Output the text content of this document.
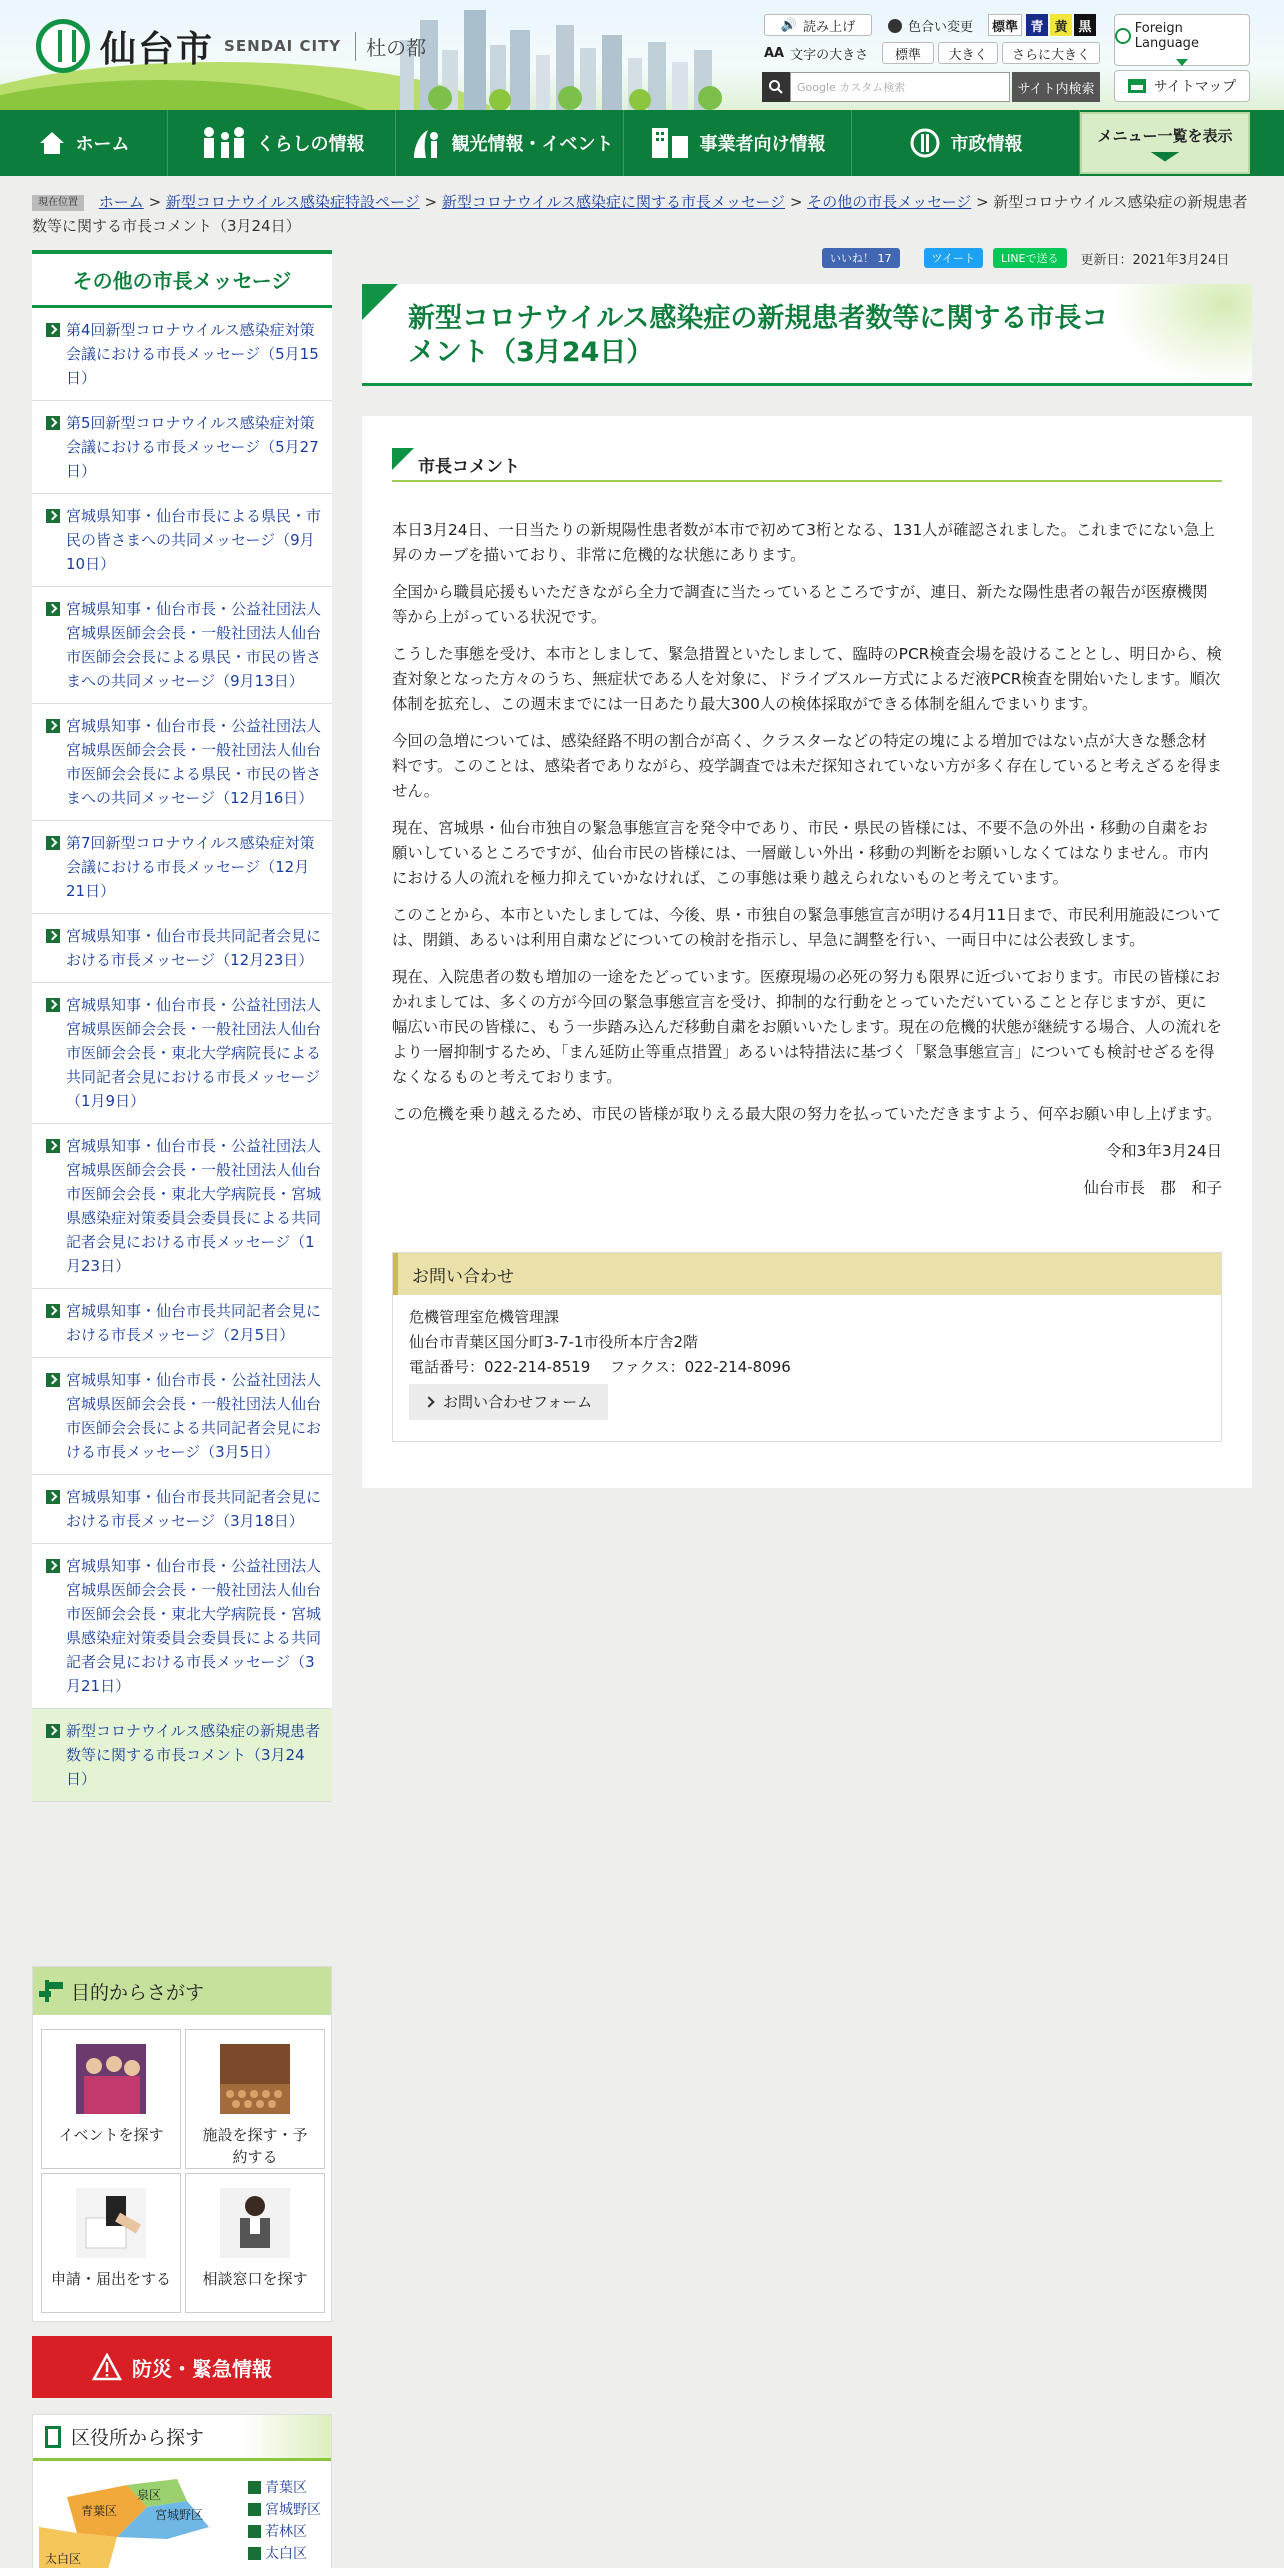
仙台市 SENDAI CITY	杜の都
🔊 読み上げ	色合い変更	標準 青 黄 黒
AA 文字の大きさ	標準	大きく	さらに大きく
Google カスタム検索	サイト内検索
Foreign Language
サイトマップ
ホーム	くらしの情報	観光情報・イベント	事業者向け情報	市政情報	メニュー一覧を表示
現在位置 ホーム > 新型コロナウイルス感染症特設ページ > 新型コロナウイルス感染症に関する市長メッセージ > その他の市長メッセージ > 新型コロナウイルス感染症の新規患者数等に関する市長コメント（3月24日）
その他の市長メッセージ
第4回新型コロナウイルス感染症対策会議における市長メッセージ（5月15日）
第5回新型コロナウイルス感染症対策会議における市長メッセージ（5月27日）
宮城県知事・仙台市長による県民・市民の皆さまへの共同メッセージ（9月10日）
宮城県知事・仙台市長・公益社団法人宮城県医師会会長・一般社団法人仙台市医師会会長による県民・市民の皆さまへの共同メッセージ（9月13日）
宮城県知事・仙台市長・公益社団法人宮城県医師会会長・一般社団法人仙台市医師会会長による県民・市民の皆さまへの共同メッセージ（12月16日）
第7回新型コロナウイルス感染症対策会議における市長メッセージ（12月21日）
宮城県知事・仙台市長共同記者会見における市長メッセージ（12月23日）
宮城県知事・仙台市長・公益社団法人宮城県医師会会長・一般社団法人仙台市医師会会長・東北大学病院長による共同記者会見における市長メッセージ（1月9日）
宮城県知事・仙台市長・公益社団法人宮城県医師会会長・一般社団法人仙台市医師会会長・東北大学病院長・宮城県感染症対策委員会委員長による共同記者会見における市長メッセージ（1月23日）
宮城県知事・仙台市長共同記者会見における市長メッセージ（2月5日）
宮城県知事・仙台市長・公益社団法人宮城県医師会会長・一般社団法人仙台市医師会会長による共同記者会見における市長メッセージ（3月5日）
宮城県知事・仙台市長共同記者会見における市長メッセージ（3月18日）
宮城県知事・仙台市長・公益社団法人宮城県医師会会長・一般社団法人仙台市医師会会長・東北大学病院長・宮城県感染症対策委員会委員長による共同記者会見における市長メッセージ（3月21日）
新型コロナウイルス感染症の新規患者数等に関する市長コメント（3月24日）
目的からさがす
イベントを探す	施設を探す・予約する
申請・届出をする 相談窓口を探す
防災・緊急情報
区役所から探す
青葉区
泉区
宮城野区
太白区
青葉区
宮城野区
若林区
太白区
いいね！ 17	ツイート	LINEで送る	更新日：2021年3月24日
新型コロナウイルス感染症の新規患者数等に関する市長コメント（3月24日）
市長コメント

本日3月24日、一日当たりの新規陽性患者数が本市で初めて3桁となる、131人が確認されました。これまでにない急上昇のカーブを描いており、非常に危機的な状態にあります。

全国から職員応援もいただきながら全力で調査に当たっているところですが、連日、新たな陽性患者の報告が医療機関等から上がっている状況です。

こうした事態を受け、本市としまして、緊急措置といたしまして、臨時のPCR検査会場を設けることとし、明日から、検査対象となった方々のうち、無症状である人を対象に、ドライブスルー方式によるだ液PCR検査を開始いたします。順次体制を拡充し、この週末までには一日あたり最大300人の検体採取ができる体制を組んでまいります。

今回の急増については、感染経路不明の割合が高く、クラスターなどの特定の塊による増加ではない点が大きな懸念材料です。このことは、感染者でありながら、疫学調査では未だ探知されていない方が多く存在していると考えざるを得ません。

現在、宮城県・仙台市独自の緊急事態宣言を発令中であり、市民・県民の皆様には、不要不急の外出・移動の自粛をお願いしているところですが、仙台市民の皆様には、一層厳しい外出・移動の判断をお願いしなくてはなりません。市内における人の流れを極力抑えていかなければ、この事態は乗り越えられないものと考えています。

このことから、本市といたしましては、今後、県・市独自の緊急事態宣言が明ける4月11日まで、市民利用施設については、閉鎖、あるいは利用自粛などについての検討を指示し、早急に調整を行い、一両日中には公表致します。

現在、入院患者の数も増加の一途をたどっています。医療現場の必死の努力も限界に近づいております。市民の皆様におかれましては、多くの方が今回の緊急事態宣言を受け、抑制的な行動をとっていただいていることと存じますが、更に幅広い市民の皆様に、もう一歩踏み込んだ移動自粛をお願いいたします。現在の危機的状態が継続する場合、人の流れをより一層抑制するため、「まん延防止等重点措置」あるいは特措法に基づく「緊急事態宣言」についても検討せざるを得なくなるものと考えております。

この危機を乗り越えるため、市民の皆様が取りえる最大限の努力を払っていただきますよう、何卒お願い申し上げます。

令和3年3月24日

仙台市長　郡　和子

お問い合わせ
危機管理室危機管理課
仙台市青葉区国分町3-7-1市役所本庁舎2階
電話番号：022-214-8519　 ファクス：022-214-8096
お問い合わせフォーム
